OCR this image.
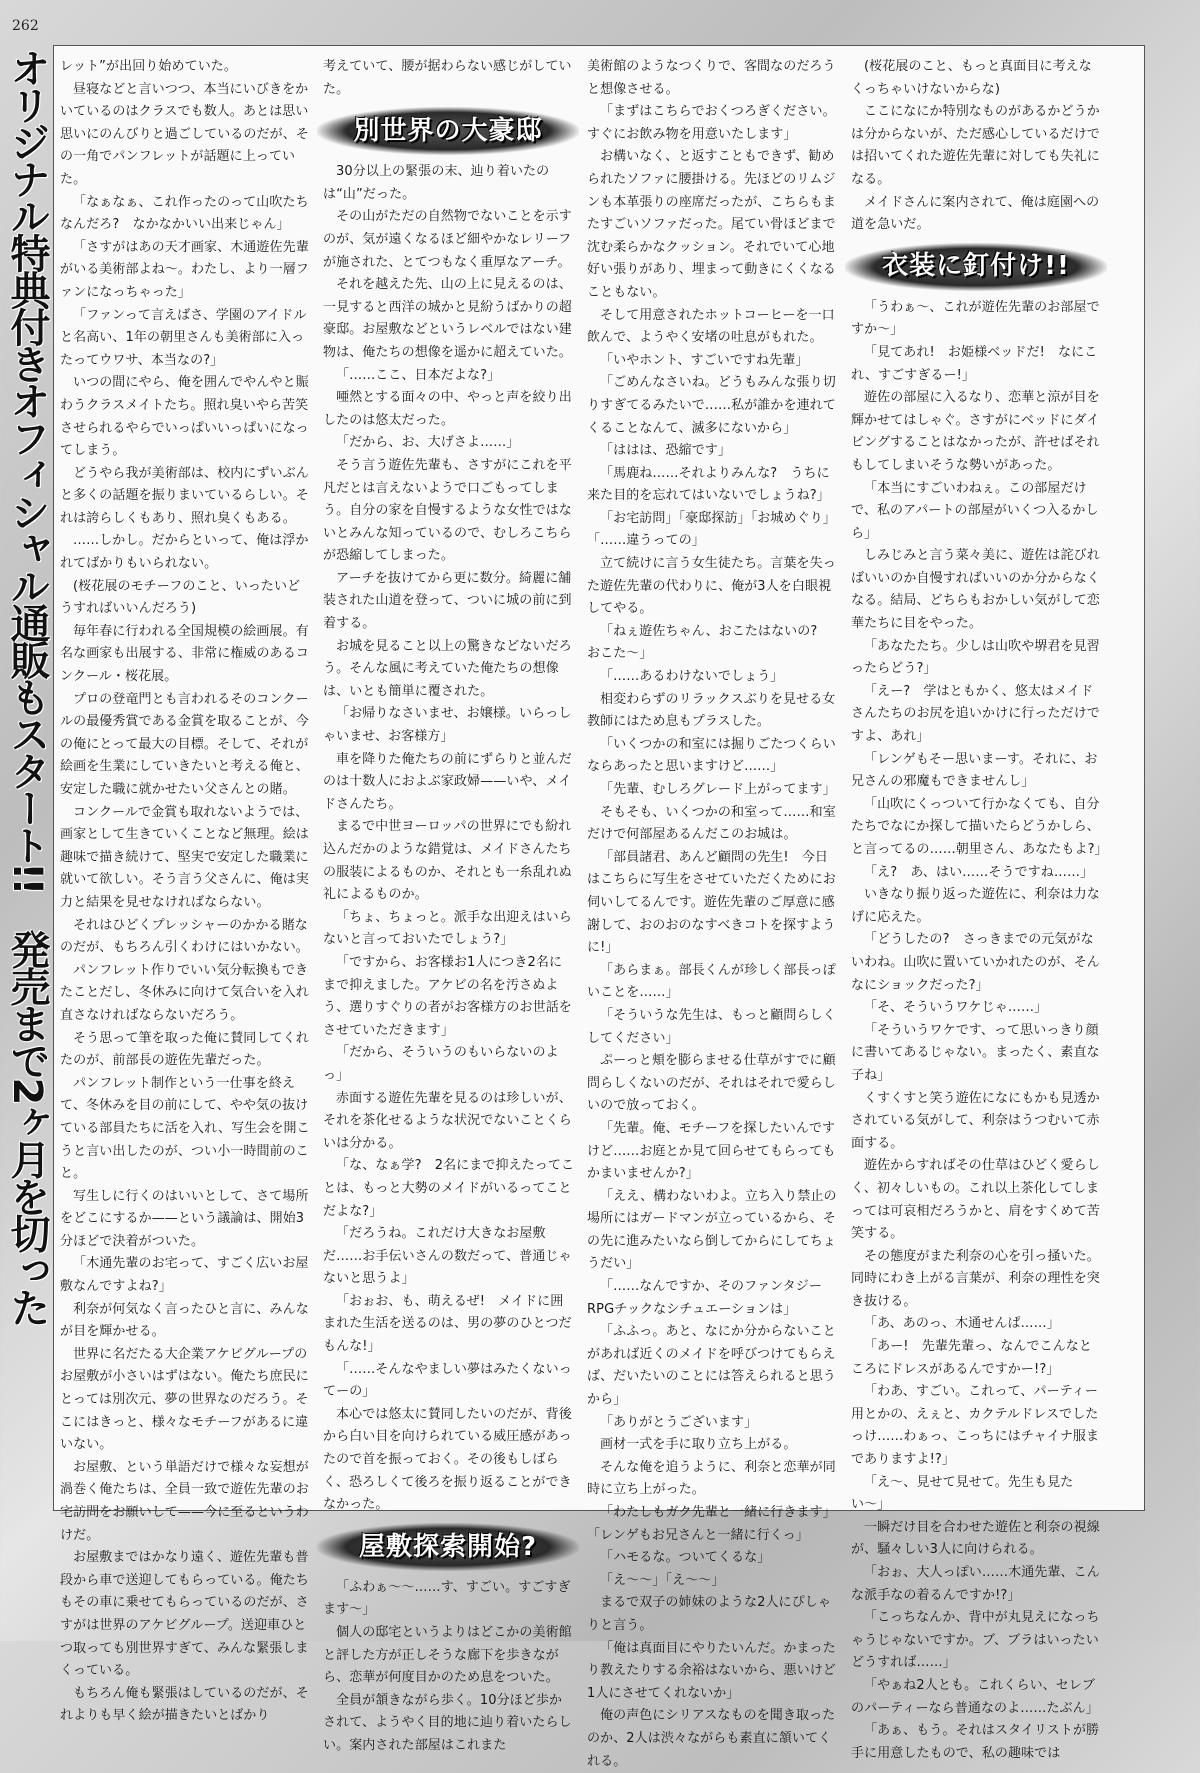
262
オリジナル特典付きオフィシャル通販もスタート!!　発売まで2ヶ月を切った

レット”が出回り始めていた。

昼寝などと言いつつ、本当にいびきをかいているのはクラスでも数人。あとは思い思いにのんびりと過ごしているのだが、その一角でパンフレットが話題に上っていた。

「なぁなぁ、これ作ったのって山吹たちなんだろ?　なかなかいい出来じゃん」

「さすがはあの天才画家、木通遊佐先輩がいる美術部よね〜。わたし、より一層ファンになっちゃった」

「ファンって言えばさ、学園のアイドルと名高い、1年の朝里さんも美術部に入ったってウワサ、本当なの?」

いつの間にやら、俺を囲んでやんやと賑わうクラスメイトたち。照れ臭いやら苦笑させられるやらでいっぱいいっぱいになってしまう。

どうやら我が美術部は、校内にずいぶんと多くの話題を振りまいているらしい。それは誇らしくもあり、照れ臭くもある。

……しかし。だからといって、俺は浮かれてばかりもいられない。

(桜花展のモチーフのこと、いったいどうすればいいんだろう)

毎年春に行われる全国規模の絵画展。有名な画家も出展する、非常に権威のあるコンクール・桜花展。

プロの登竜門とも言われるそのコンクールの最優秀賞である金賞を取ることが、今の俺にとって最大の目標。そして、それが絵画を生業にしていきたいと考える俺と、安定した職に就かせたい父さんとの賭。

コンクールで金賞も取れないようでは、画家として生きていくことなど無理。絵は趣味で描き続けて、堅実で安定した職業に就いて欲しい。そう言う父さんに、俺は実力と結果を見せなければならない。

それはひどくプレッシャーのかかる賭なのだが、もちろん引くわけにはいかない。

パンフレット作りでいい気分転換もできたことだし、冬休みに向けて気合いを入れ直さなければならないだろう。

そう思って筆を取った俺に賛同してくれたのが、前部長の遊佐先輩だった。

パンフレット制作という一仕事を終えて、冬休みを目の前にして、やや気の抜けている部員たちに活を入れ、写生会を開こうと言い出したのが、つい小一時間前のこと。

写生しに行くのはいいとして、さて場所をどこにするか——という議論は、開始3分ほどで決着がついた。

「木通先輩のお宅って、すごく広いお屋敷なんですよね?」

利奈が何気なく言ったひと言に、みんなが目を輝かせる。

世界に名だたる大企業アケビグループのお屋敷が小さいはずはない。俺たち庶民にとっては別次元、夢の世界なのだろう。そこにはきっと、様々なモチーフがあるに違いない。

お屋敷、という単語だけで様々な妄想が渦巻く俺たちは、全員一致で遊佐先輩のお宅訪問をお願いして——今に至るというわけだ。

お屋敷まではかなり遠く、遊佐先輩も普段から車で送迎してもらっている。俺たちもその車に乗せてもらっているのだが、さすがは世界のアケビグループ。送迎車ひとつ取っても別世界すぎて、みんな緊張しまくっている。

もちろん俺も緊張はしているのだが、それよりも早く絵が描きたいとばかり

考えていて、腰が据わらない感じがしていた。

別世界の大豪邸

30分以上の緊張の末、辿り着いたのは“山”だった。

その山がただの自然物でないことを示すのが、気が遠くなるほど細やかなレリーフが施された、とてつもなく重厚なアーチ。

それを越えた先、山の上に見えるのは、一見すると西洋の城かと見紛うばかりの超豪邸。お屋敷などというレベルではない建物は、俺たちの想像を遥かに超えていた。

「……ここ、日本だよな?」

唖然とする面々の中、やっと声を絞り出したのは悠太だった。

「だから、お、大げさよ……」

そう言う遊佐先輩も、さすがにこれを平凡だとは言えないようで口ごもってしまう。自分の家を自慢するような女性ではないとみんな知っているので、むしろこちらが恐縮してしまった。

アーチを抜けてから更に数分。綺麗に舗装された山道を登って、ついに城の前に到着する。

お城を見ること以上の驚きなどないだろう。そんな風に考えていた俺たちの想像は、いとも簡単に覆された。

「お帰りなさいませ、お嬢様。いらっしゃいませ、お客様方」

車を降りた俺たちの前にずらりと並んだのは十数人におよぶ家政婦——いや、メイドさんたち。

まるで中世ヨーロッパの世界にでも紛れ込んだかのような錯覚は、メイドさんたちの服装によるものか、それとも一糸乱れぬ礼によるものか。

「ちょ、ちょっと。派手な出迎えはいらないと言っておいたでしょう?」

「ですから、お客様お1人につき2名にまで抑えました。アケビの名を汚さぬよう、選りすぐりの者がお客様方のお世話をさせていただきます」

「だから、そういうのもいらないのよっ」

赤面する遊佐先輩を見るのは珍しいが、それを茶化せるような状況でないことくらいは分かる。

「な、なぁ学?　2名にまで抑えたってことは、もっと大勢のメイドがいるってことだよな?」

「だろうね。これだけ大きなお屋敷だ……お手伝いさんの数だって、普通じゃないと思うよ」

「おぉお、も、萌えるぜ!　メイドに囲まれた生活を送るのは、男の夢のひとつだもんな!」

「……そんなやましい夢はみたくないってーの」

本心では悠太に賛同したいのだが、背後から白い目を向けられている威圧感があったので首を振っておく。その後もしばらく、恐ろしくて後ろを振り返ることができなかった。

屋敷探索開始?

「ふわぁ〜〜……す、すごい。すごすぎます〜」

個人の邸宅というよりはどこかの美術館と評した方が正しそうな廊下を歩きながら、恋華が何度目かのため息をついた。

全員が頷きながら歩く。10分ほど歩かされて、ようやく目的地に辿り着いたらしい。案内された部屋はこれまた

美術館のようなつくりで、客間なのだろうと想像させる。

「まずはこちらでおくつろぎください。すぐにお飲み物を用意いたします」

お構いなく、と返すこともできず、勧められたソファに腰掛ける。先ほどのリムジンも本革張りの座席だったが、こちらもまたすごいソファだった。尾てい骨ほどまで沈む柔らかなクッション。それでいて心地好い張りがあり、埋まって動きにくくなることもない。

そして用意されたホットコーヒーを一口飲んで、ようやく安堵の吐息がもれた。

「いやホント、すごいですね先輩」

「ごめんなさいね。どうもみんな張り切りすぎてるみたいで……私が誰かを連れてくることなんて、滅多にないから」

「ははは、恐縮です」

「馬鹿ね……それよりみんな?　うちに来た目的を忘れてはいないでしょうね?」

「お宅訪問」「豪邸探訪」「お城めぐり」「……違うっての」

立て続けに言う女生徒たち。言葉を失った遊佐先輩の代わりに、俺が3人を白眼視してやる。

「ねぇ遊佐ちゃん、おこたはないの?　おこた〜」

「……あるわけないでしょう」

相変わらずのリラックスぶりを見せる女教師にはため息もプラスした。

「いくつかの和室には掘りごたつくらいならあったと思いますけど……」

「先輩、むしろグレード上がってます」

そもそも、いくつかの和室って……和室だけで何部屋あるんだこのお城は。

「部員諸君、あんど顧問の先生!　今日はこちらに写生をさせていただくためにお伺いしてるんです。遊佐先輩のご厚意に感謝して、おのおのなすべきコトを探すように!」

「あらまぁ。部長くんが珍しく部長っぽいことを……」

「そういうな先生は、もっと顧問らしくしてください」

ぷーっと頬を膨らませる仕草がすでに顧問らしくないのだが、それはそれで愛らしいので放っておく。

「先輩。俺、モチーフを探したいんですけど……お庭とか見て回らせてもらってもかまいませんか?」

「ええ、構わないわよ。立ち入り禁止の場所にはガードマンが立っているから、その先に進みたいなら倒してからにしてちょうだい」

「……なんですか、そのファンタジーRPGチックなシチュエーションは」

「ふふっ。あと、なにか分からないことがあれば近くのメイドを呼びつけてもらえば、だいたいのことには答えられると思うから」

「ありがとうございます」

画材一式を手に取り立ち上がる。

そんな俺を追うように、利奈と恋華が同時に立ち上がった。

「わたしもガク先輩と一緒に行きます」「レンゲもお兄さんと一緒に行くっ」

「ハモるな。ついてくるな」

「え〜〜」「え〜〜」

まるで双子の姉妹のような2人にぴしゃりと言う。

「俺は真面目にやりたいんだ。かまったり教えたりする余裕はないから、悪いけど1人にさせてくれないか」

俺の声色にシリアスなものを聞き取ったのか、2人は渋々ながらも素直に頷いてくれる。

(桜花展のこと、もっと真面目に考えなくっちゃいけないからな)

ここになにか特別なものがあるかどうかは分からないが、ただ感心しているだけでは招いてくれた遊佐先輩に対しても失礼になる。

メイドさんに案内されて、俺は庭園への道を急いだ。

衣装に釘付け!!

「うわぁ〜、これが遊佐先輩のお部屋ですか〜」

「見てあれ!　お姫様ベッドだ!　なにこれ、すごすぎるー!」

遊佐の部屋に入るなり、恋華と涼が目を輝かせてはしゃぐ。さすがにベッドにダイビングすることはなかったが、許せばそれもしてしまいそうな勢いがあった。

「本当にすごいわねぇ。この部屋だけで、私のアパートの部屋がいくつ入るかしら」

しみじみと言う菜々美に、遊佐は詫びればいいのか自慢すればいいのか分からなくなる。結局、どちらもおかしい気がして恋華たちに目をやった。

「あなたたち。少しは山吹や堺君を見習ったらどう?」

「えー?　学はともかく、悠太はメイドさんたちのお尻を追いかけに行っただけですよ、あれ」

「レンゲもそー思いまーす。それに、お兄さんの邪魔もできませんし」

「山吹にくっついて行かなくても、自分たちでなにか探して描いたらどうかしら、と言ってるの……朝里さん、あなたもよ?」

「え?　あ、はい……そうですね……」

いきなり振り返った遊佐に、利奈は力なげに応えた。

「どうしたの?　さっきまでの元気がないわね。山吹に置いていかれたのが、そんなにショックだった?」

「そ、そういうワケじゃ……」

「そういうワケです、って思いっきり顔に書いてあるじゃない。まったく、素直な子ね」

くすくすと笑う遊佐になにもかも見透かされている気がして、利奈はうつむいて赤面する。

遊佐からすればその仕草はひどく愛らしく、初々しいもの。これ以上茶化してしまっては可哀相だろうかと、肩をすくめて苦笑する。

その態度がまた利奈の心を引っ掻いた。同時にわき上がる言葉が、利奈の理性を突き抜ける。

「あ、あのっ、木通せんぱ……」

「あー!　先輩先輩っ、なんでこんなところにドレスがあるんですかー!?」

「わあ、すごい。これって、パーティー用とかの、えぇと、カクテルドレスでしたっけ……わぁっ、こっちにはチャイナ服までありますよ!?」

「え〜、見せて見せて。先生も見たい〜」

一瞬だけ目を合わせた遊佐と利奈の視線が、騒々しい3人に向けられる。

「おぉ、大人っぽい……木通先輩、こんな派手なの着るんですか!?」

「こっちなんか、背中が丸見えになっちゃうじゃないですか。ブ、ブラはいったいどうすれば……」

「やぁね2人とも。これくらい、セレブのパーティーなら普通なのよ……たぶん」

「あぁ、もう。それはスタイリストが勝手に用意したもので、私の趣味では
